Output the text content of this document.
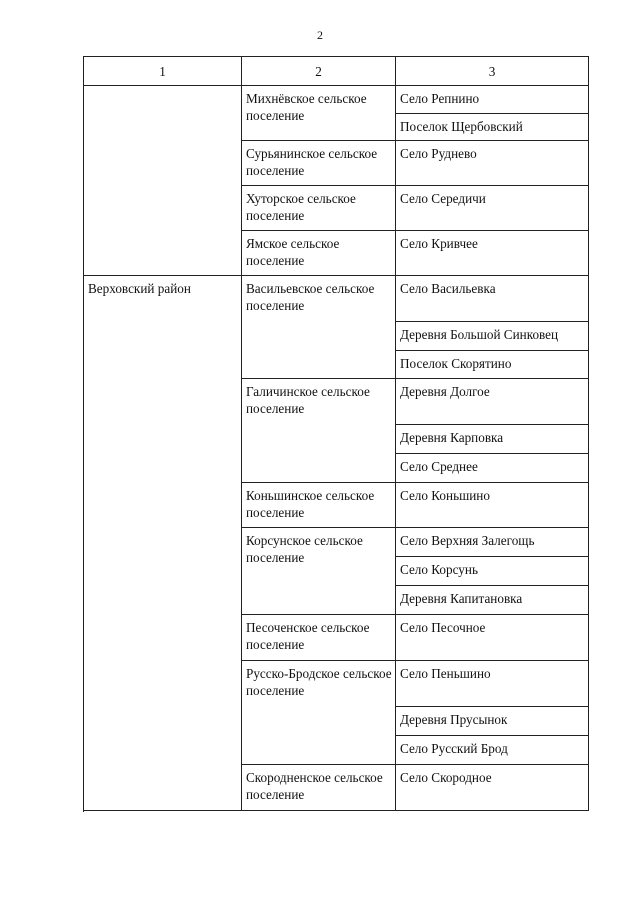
2
1	2	3
	Михнёвское сельское поселение	Село Репнино
		Поселок Щербовский
	Сурьянинское сельское поселение	Село Руднево
	Хуторское сельское поселение	Село Середичи
	Ямское сельское поселение	Село Кривчее

Верховский район	Васильевское сельское поселение	Село Васильевка
		Деревня Большой Синковец
		Поселок Скорятино
	Галичинское сельское поселение	Деревня Долгое
		Деревня Карповка
		Село Среднее
	Коньшинское сельское поселение	Село Коньшино
	Корсунское сельское поселение	Село Верхняя Залегощь
		Село Корсунь
		Деревня Капитановка
	Песоченское сельское поселение	Село Песочное
	Русско-Бродское сельское поселение	Село Пеньшино
		Деревня Прусынок
		Село Русский Брод
	Скородненское сельское поселение	Село Скородное
